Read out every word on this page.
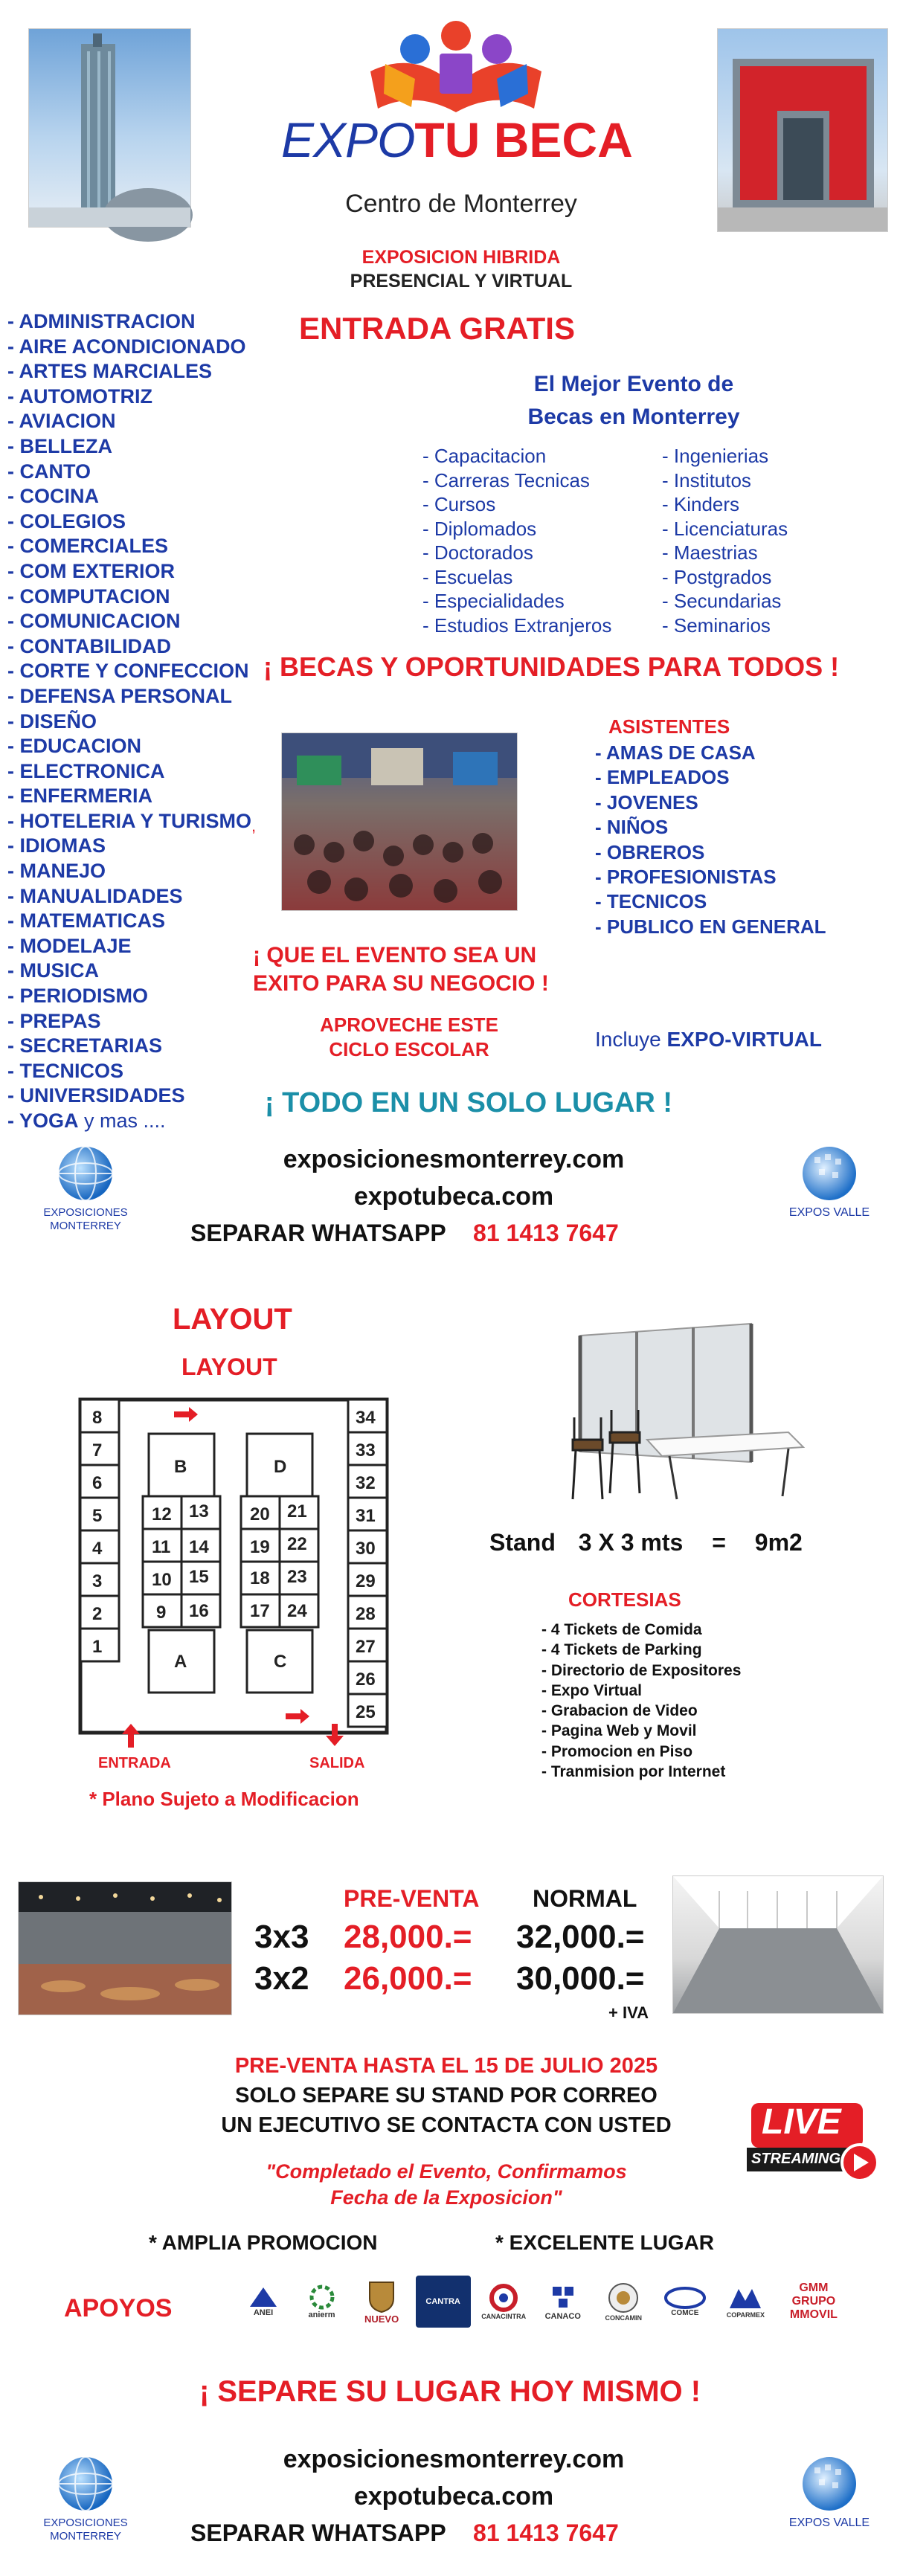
EXPOTU BECA
Centro de Monterrey
EXPOSICION HIBRIDA
PRESENCIAL Y VIRTUAL
ENTRADA GRATIS
El Mejor Evento de
Becas en Monterrey
- ADMINISTRACION
- AIRE ACONDICIONADO
- ARTES MARCIALES
- AUTOMOTRIZ
- AVIACION
- BELLEZA
- CANTO
- COCINA
- COLEGIOS
- COMERCIALES
- COM EXTERIOR
- COMPUTACION
- COMUNICACION
- CONTABILIDAD
- CORTE Y CONFECCION
- DEFENSA PERSONAL
- DISEÑO
- EDUCACION
- ELECTRONICA
- ENFERMERIA
- HOTELERIA Y TURISMO
- IDIOMAS
- MANEJO
- MANUALIDADES
- MATEMATICAS
- MODELAJE
- MUSICA
- PERIODISMO
- PREPAS
- SECRETARIAS
- TECNICOS
- UNIVERSIDADES
- YOGA y mas ....
,
- Capacitacion
- Carreras Tecnicas
- Cursos
- Diplomados
- Doctorados
- Escuelas
- Especialidades
- Estudios Extranjeros
- Ingenierias
- Institutos
- Kinders
- Licenciaturas
- Maestrias
- Postgrados
- Secundarias
- Seminarios
¡ BECAS Y OPORTUNIDADES PARA TODOS !
ASISTENTES
- AMAS DE CASA
- EMPLEADOS
- JOVENES
- NIÑOS
- OBREROS
- PROFESIONISTAS
- TECNICOS
- PUBLICO EN GENERAL
¡ QUE EL EVENTO SEA UN
EXITO PARA SU NEGOCIO !
APROVECHE ESTE
CICLO ESCOLAR	Incluye EXPO-VIRTUAL
¡ TODO EN UN SOLO LUGAR !
EXPOSICIONES
MONTERREY
exposicionesmonterrey.com
expotubeca.com
SEPARAR WHATSAPP 81 1413 7647
EXPOS VALLE
LAYOUT
LAYOUT
8
7
6
5
4
3
2
1
34
33
32
31
30
29
28
27
26
25
B
12 13
11 14
10 15
9 16
A
D
20 21
19 22
18 23
17 24
C
ENTRADA	SALIDA
* Plano Sujeto a Modificacion
Stand 3 X 3 mts = 9m2
CORTESIAS
- 4 Tickets de Comida
- 4 Tickets de Parking
- Directorio de Expositores
- Expo Virtual
- Grabacion de Video
- Pagina Web y Movil
- Promocion en Piso
- Tranmision por Internet
PRE-VENTA NORMAL
3x3 28,000.= 32,000.=
3x2 26,000.= 30,000.=
+ IVA
PRE-VENTA HASTA EL 15 DE JULIO 2025
SOLO SEPARE SU STAND POR CORREO
UN EJECUTIVO SE CONTACTA CON USTED	LIVE
STREAMING
"Completado el Evento, Confirmamos
Fecha de la Exposicion"
* AMPLIA PROMOCION	* EXCELENTE LUGAR
APOYOS	ANEI	anierm	NUEVO
CANTRA
CANACINTRA CANACO	CONCAMIN
COMCE	COPARMEX
GMM GRUPO MMOVIL
¡ SEPARE SU LUGAR HOY MISMO !
EXPOSICIONES
MONTERREY
exposicionesmonterrey.com
expotubeca.com
SEPARAR WHATSAPP 81 1413 7647	EXPOS VALLE
